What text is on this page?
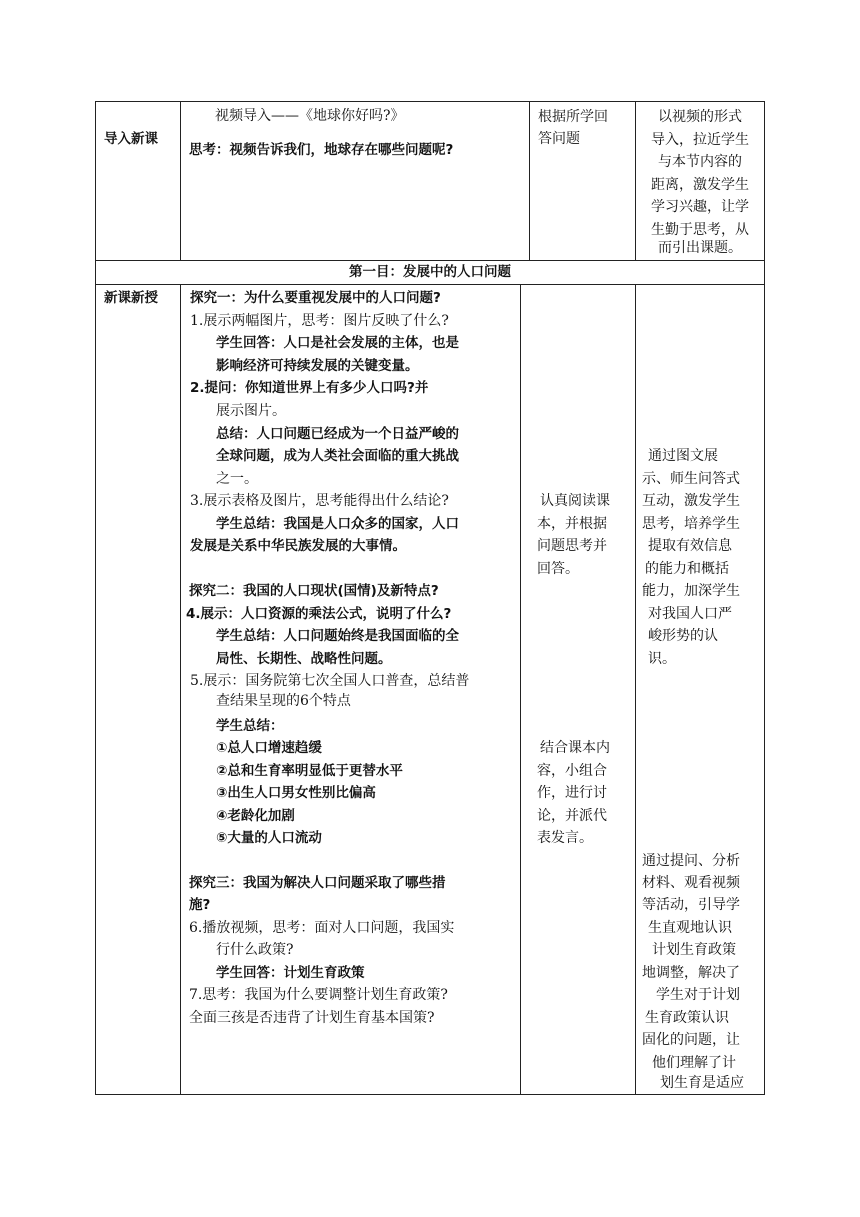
导入新课
视频导入——《地球你好吗?》
思考：视频告诉我们，地球存在哪些问题呢?
根据所学回
答问题
以视频的形式
导入，拉近学生
与本节内容的
距离，激发学生
学习兴趣，让学
生勤于思考，从
而引出课题。
第一目：发展中的人口问题
新课新授 探究一：为什么要重视发展中的人口问题?
1.展示两幅图片，思考：图片反映了什么?
学生回答：人口是社会发展的主体，也是
影响经济可持续发展的关键变量。
2.提问：你知道世界上有多少人口吗?并
展示图片。
总结：人口问题已经成为一个日益严峻的
全球问题，成为人类社会面临的重大挑战
之一。
3.展示表格及图片，思考能得出什么结论?
学生总结：我国是人口众多的国家，人口
发展是关系中华民族发展的大事情。
探究二：我国的人口现状(国情)及新特点?
4.展示：人口资源的乘法公式，说明了什么?
学生总结：人口问题始终是我国面临的全
局性、长期性、战略性问题。
5.展示：国务院第七次全国人口普查，总结普
查结果呈现的6个特点
学生总结：
①总人口增速趋缓
②总和生育率明显低于更替水平
③出生人口男女性别比偏高
④老龄化加剧
⑤大量的人口流动
探究三：我国为解决人口问题采取了哪些措
施?
6.播放视频，思考：面对人口问题，我国实
行什么政策?
学生回答：计划生育政策
7.思考：我国为什么要调整计划生育政策?
全面三孩是否违背了计划生育基本国策?
认真阅读课
本，并根据
问题思考并
回答。
结合课本内
容，小组合
作，进行讨
论，并派代
表发言。
通过图文展
示、师生问答式
互动，激发学生
思考，培养学生
提取有效信息
的能力和概括
能力，加深学生
对我国人口严
峻形势的认
识。
通过提问、分析
材料、观看视频
等活动，引导学
生直观地认识
计划生育政策
地调整，解决了
学生对于计划
生育政策认识
固化的问题，让
他们理解了计
划生育是适应
